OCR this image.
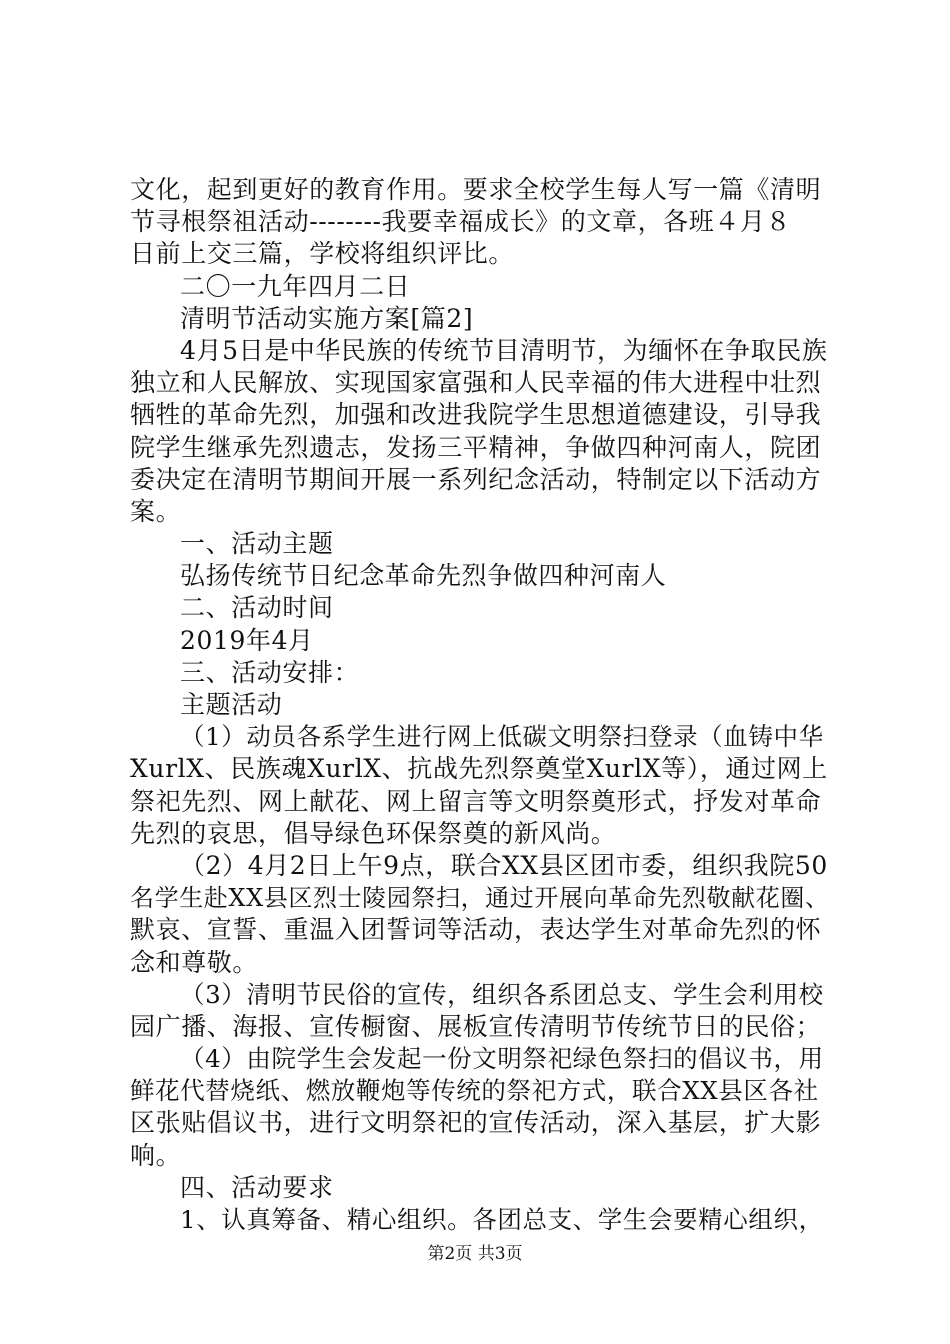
文化，起到更好的教育作用。要求全校学生每人写一篇《清明
节寻根祭祖活动--------我要幸福成长》的文章，各班４月８
日前上交三篇，学校将组织评比。
二〇一九年四月二日
清明节活动实施方案[篇2]
4月5日是中华民族的传统节目清明节，为缅怀在争取民族
独立和人民解放、实现国家富强和人民幸福的伟大进程中壮烈
牺牲的革命先烈，加强和改进我院学生思想道德建设，引导我
院学生继承先烈遗志，发扬三平精神，争做四种河南人，院团
委决定在清明节期间开展一系列纪念活动，特制定以下活动方
案。
一、活动主题
弘扬传统节日纪念革命先烈争做四种河南人
二、活动时间
2019年4月
三、活动安排：
主题活动
（1）动员各系学生进行网上低碳文明祭扫登录（血铸中华
XurlX、民族魂XurlX、抗战先烈祭奠堂XurlX等），通过网上
祭祀先烈、网上献花、网上留言等文明祭奠形式，抒发对革命
先烈的哀思，倡导绿色环保祭奠的新风尚。
（2）4月2日上午9点，联合XX县区团市委，组织我院50
名学生赴XX县区烈士陵园祭扫，通过开展向革命先烈敬献花圈、
默哀、宣誓、重温入团誓词等活动，表达学生对革命先烈的怀
念和尊敬。
（3）清明节民俗的宣传，组织各系团总支、学生会利用校
园广播、海报、宣传橱窗、展板宣传清明节传统节日的民俗；
（4）由院学生会发起一份文明祭祀绿色祭扫的倡议书，用
鲜花代替烧纸、燃放鞭炮等传统的祭祀方式，联合XX县区各社
区张贴倡议书，进行文明祭祀的宣传活动，深入基层，扩大影
响。
四、活动要求
1、认真筹备、精心组织。各团总支、学生会要精心组织，
第2页 共3页
